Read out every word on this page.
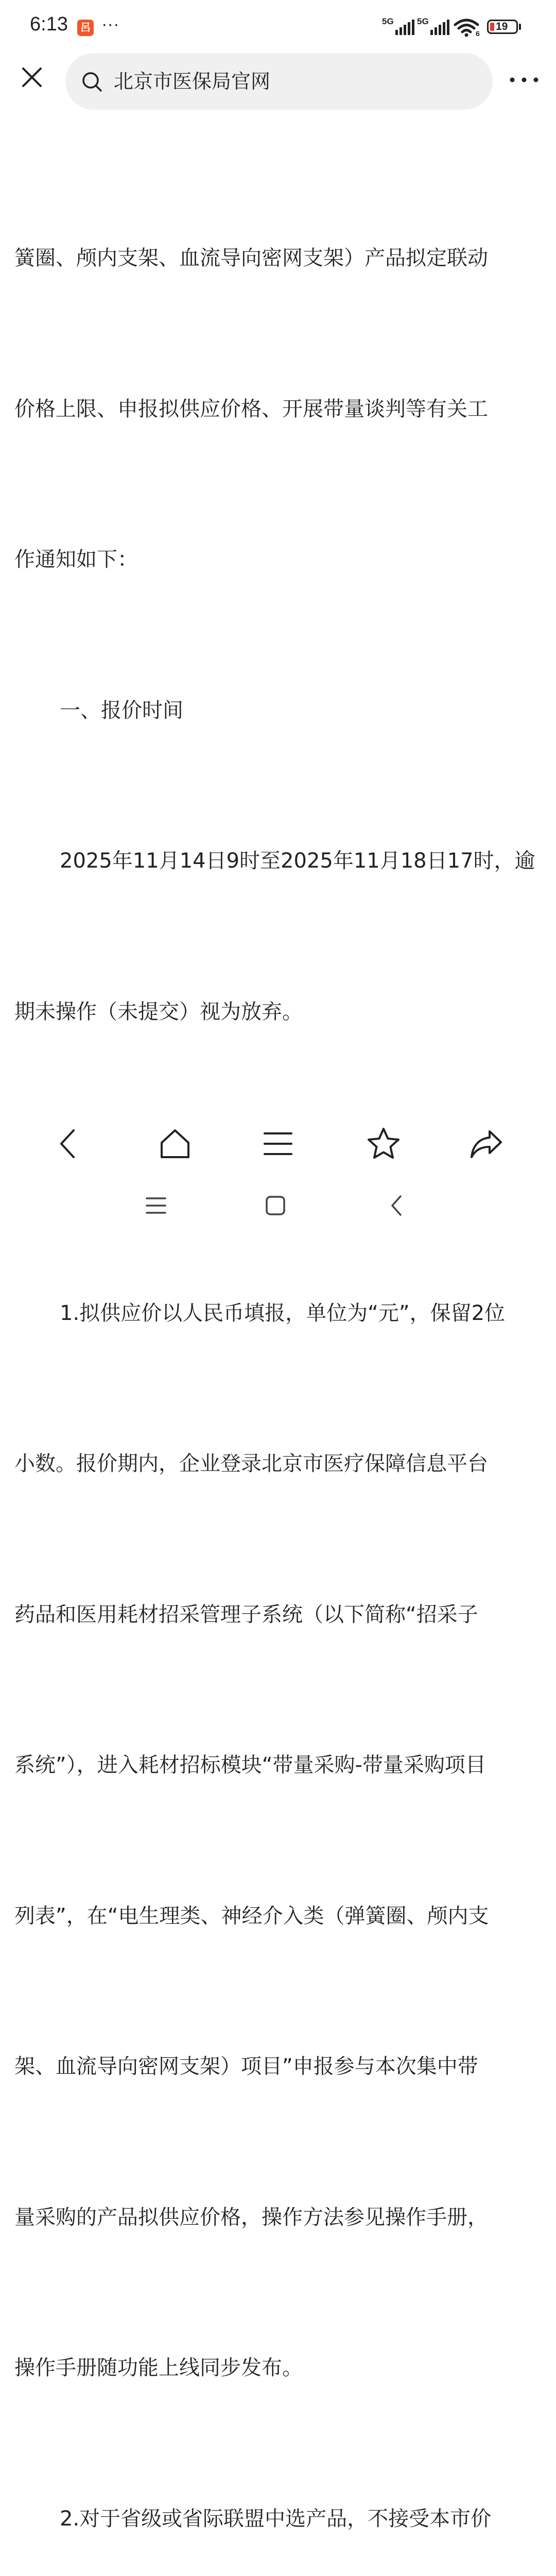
6:13	呂 ···	5G	5G
6
19
北京市医保局官网

簧圈、颅内支架、血流导向密网支架）产品拟定联动

价格上限、申报拟供应价格、开展带量谈判等有关工

作通知如下：

一、报价时间

2025年11月14日9时至2025年11月18日17时，逾

期未操作（未提交）视为放弃。

1.拟供应价以人民币填报，单位为“元”，保留2位

小数。报价期内，企业登录北京市医疗保障信息平台

药品和医用耗材招采管理子系统（以下简称“招采子

系统”），进入耗材招标模块“带量采购-带量采购项目

列表”，在“电生理类、神经介入类（弹簧圈、颅内支

架、血流导向密网支架）项目”申报参与本次集中带

量采购的产品拟供应价格，操作方法参见操作手册，

操作手册随功能上线同步发布。

2.对于省级或省际联盟中选产品，不接受本市价
